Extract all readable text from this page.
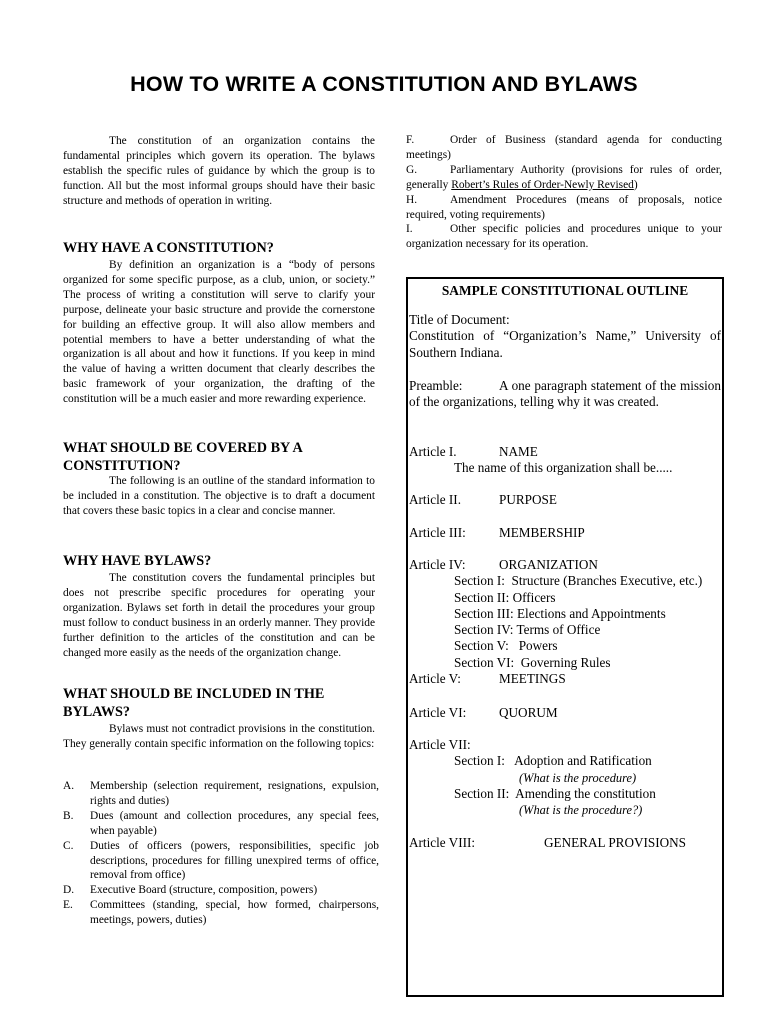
HOW TO WRITE A CONSTITUTION AND BYLAWS

The constitution of an organization contains the fundamental principles which govern its operation. The bylaws establish the specific rules of guidance by which the group is to function. All but the most informal groups should have their basic structure and methods of operation in writing.

WHY HAVE A CONSTITUTION?

By definition an organization is a “body of persons organized for some specific purpose, as a club, union, or society.” The process of writing a constitution will serve to clarify your purpose, delineate your basic structure and provide the cornerstone for building an effective group. It will also allow members and potential members to have a better understanding of what the organization is all about and how it functions. If you keep in mind the value of having a written document that clearly describes the basic framework of your organization, the drafting of the constitution will be a much easier and more rewarding experience.

WHAT SHOULD BE COVERED BY A CONSTITUTION?

The following is an outline of the standard information to be included in a constitution. The objective is to draft a document that covers these basic topics in a clear and concise manner.

WHY HAVE BYLAWS?

The constitution covers the fundamental principles but does not prescribe specific procedures for operating your organization. Bylaws set forth in detail the procedures your group must follow to conduct business in an orderly manner. They provide further definition to the articles of the constitution and can be changed more easily as the needs of the organization change.

WHAT SHOULD BE INCLUDED IN THE BYLAWS?

Bylaws must not contradict provisions in the constitution. They generally contain specific information on the following topics:

A. Membership (selection requirement, resignations, expulsion, rights and duties)
B. Dues (amount and collection procedures, any special fees, when payable)
C. Duties of officers (powers, responsibilities, specific job descriptions, procedures for filling unexpired terms of office, removal from office)
D. Executive Board (structure, composition, powers)
E. Committees (standing, special, how formed, chairpersons, meetings, powers, duties)
F.	Order of Business (standard agenda for conducting meetings)
G.	Parliamentary Authority (provisions for rules of order, generally Robert’s Rules of Order-Newly Revised)
H.	Amendment Procedures (means of proposals, notice required, voting requirements)
I.	Other specific policies and procedures unique to your organization necessary for its operation.
SAMPLE CONSTITUTIONAL OUTLINE
Title of Document:
Constitution of “Organization’s Name,” University of Southern Indiana.
Preamble:	A one paragraph statement of the mission of the organizations, telling why it was created.
Article I.	NAME
The name of this organization shall be.....
Article II.	PURPOSE
Article III:	MEMBERSHIP
Article IV:	ORGANIZATION
Section I:  Structure (Branches Executive, etc.)
Section II: Officers
Section III: Elections and Appointments
Section IV: Terms of Office
Section V:   Powers
Section VI:  Governing Rules
Article V:	MEETINGS
Article VI: QUORUM
Article VII:
Section I:   Adoption and Ratification
(What is the procedure)
Section II:  Amending the constitution
(What is the procedure?)
Article VIII:	GENERAL PROVISIONS
